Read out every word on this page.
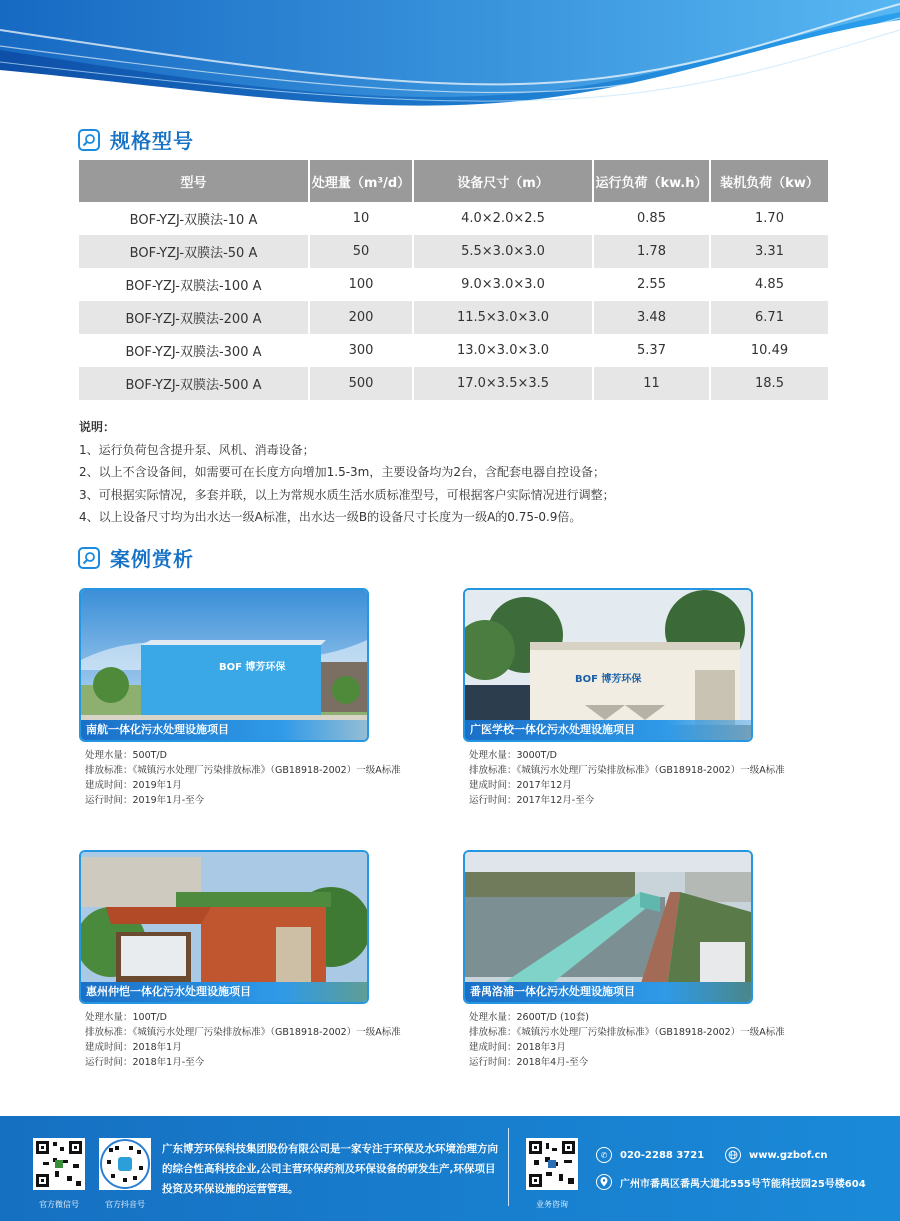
规格型号
型号	处理量（m³/d）	设备尺寸（m）	运行负荷（kw.h）	装机负荷（kw）
BOF-YZJ-双膜法-10 A	10	4.0×2.0×2.5	0.85	1.70
BOF-YZJ-双膜法-50 A	50	5.5×3.0×3.0	1.78	3.31
BOF-YZJ-双膜法-100 A	100	9.0×3.0×3.0	2.55	4.85
BOF-YZJ-双膜法-200 A	200	11.5×3.0×3.0	3.48	6.71
BOF-YZJ-双膜法-300 A	300	13.0×3.0×3.0	5.37	10.49
BOF-YZJ-双膜法-500 A	500	17.0×3.5×3.5	11	18.5
说明：
1、运行负荷包含提升泵、风机、消毒设备；
2、以上不含设备间，如需要可在长度方向增加1.5-3m，主要设备均为2台，含配套电器自控设备；
3、可根据实际情况，多套并联，以上为常规水质生活水质标准型号，可根据客户实际情况进行调整；
4、以上设备尺寸均为出水达一级A标准，出水达一级B的设备尺寸长度为一级A的0.75-0.9倍。
案例赏析
BOF 博芳环保
南航一体化污水处理设施项目
处理水量：500T/D
排放标准：《城镇污水处理厂污染排放标准》（GB18918-2002）一级A标准
建成时间：2019年1月
运行时间：2019年1月-至今
BOF 博芳环保
广医学校一体化污水处理设施项目
处理水量：3000T/D
排放标准：《城镇污水处理厂污染排放标准》（GB18918-2002）一级A标准
建成时间：2017年12月
运行时间：2017年12月-至今
惠州仲恺一体化污水处理设施项目
处理水量：100T/D
排放标准：《城镇污水处理厂污染排放标准》（GB18918-2002）一级A标准
建成时间：2018年1月
运行时间：2018年1月-至今
番禺洛浦一体化污水处理设施项目
处理水量：2600T/D (10套)
排放标准：《城镇污水处理厂污染排放标准》（GB18918-2002）一级A标准
建成时间：2018年3月
运行时间：2018年4月-至今
官方微信号	官方抖音号
广东博芳环保科技集团股份有限公司是一家专注于环保及水环境治理方向的综合性高科技企业,公司主营环保药剂及环保设备的研发生产,环保项目投资及环保设施的运营管理。
业务咨询
✆	020-2288 3721	www.gzbof.cn
广州市番禺区番禺大道北555号节能科技园25号楼604
